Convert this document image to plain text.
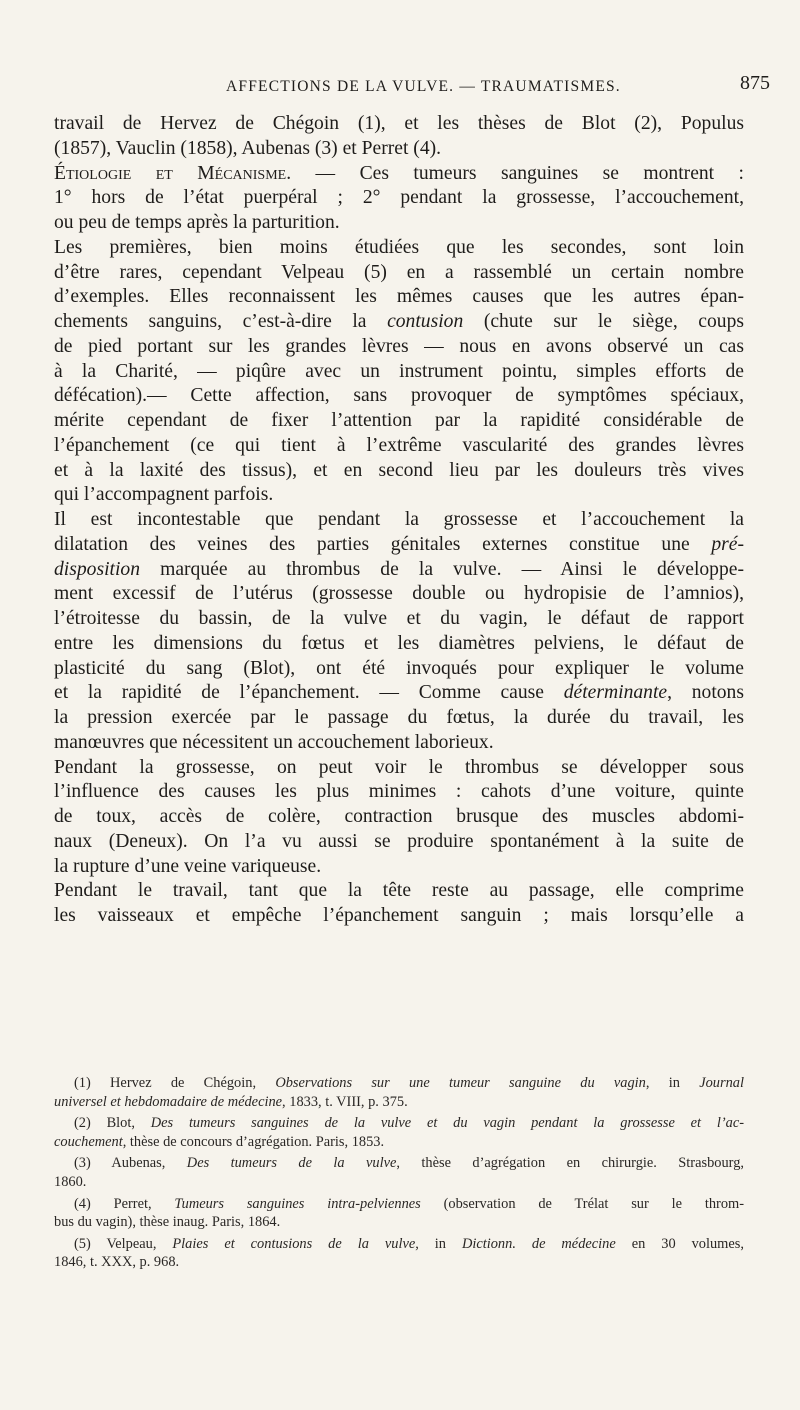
AFFECTIONS DE LA VULVE. — TRAUMATISMES.	875
travail de Hervez de Chégoin (1), et les thèses de Blot (2), Populus
(1857), Vauclin (1858), Aubenas (3) et Perret (4).
Étiologie et Mécanisme. — Ces tumeurs sanguines se montrent :
1° hors de l’état puerpéral ; 2° pendant la grossesse, l’accouchement,
ou peu de temps après la parturition.
Les premières, bien moins étudiées que les secondes, sont loin
d’être rares, cependant Velpeau (5) en a rassemblé un certain nombre
d’exemples. Elles reconnaissent les mêmes causes que les autres épan-
chements sanguins, c’est-à-dire la contusion (chute sur le siège, coups
de pied portant sur les grandes lèvres — nous en avons observé un cas
à la Charité, — piqûre avec un instrument pointu, simples efforts de
défécation).— Cette affection, sans provoquer de symptômes spéciaux,
mérite cependant de fixer l’attention par la rapidité considérable de
l’épanchement (ce qui tient à l’extrême vascularité des grandes lèvres
et à la laxité des tissus), et en second lieu par les douleurs très vives
qui l’accompagnent parfois.
Il est incontestable que pendant la grossesse et l’accouchement la
dilatation des veines des parties génitales externes constitue une pré-
disposition marquée au thrombus de la vulve. — Ainsi le développe-
ment excessif de l’utérus (grossesse double ou hydropisie de l’amnios),
l’étroitesse du bassin, de la vulve et du vagin, le défaut de rapport
entre les dimensions du fœtus et les diamètres pelviens, le défaut de
plasticité du sang (Blot), ont été invoqués pour expliquer le volume
et la rapidité de l’épanchement. — Comme cause déterminante, notons
la pression exercée par le passage du fœtus, la durée du travail, les
manœuvres que nécessitent un accouchement laborieux.
Pendant la grossesse, on peut voir le thrombus se développer sous
l’influence des causes les plus minimes : cahots d’une voiture, quinte
de toux, accès de colère, contraction brusque des muscles abdomi-
naux (Deneux). On l’a vu aussi se produire spontanément à la suite de
la rupture d’une veine variqueuse.
Pendant le travail, tant que la tête reste au passage, elle comprime
les vaisseaux et empêche l’épanchement sanguin ; mais lorsqu’elle a
(1) Hervez de Chégoin, Observations sur une tumeur sanguine du vagin, in Journal
universel et hebdomadaire de médecine, 1833, t. VIII, p. 375.
(2) Blot, Des tumeurs sanguines de la vulve et du vagin pendant la grossesse et l’ac-
couchement, thèse de concours d’agrégation. Paris, 1853.
(3) Aubenas, Des tumeurs de la vulve, thèse d’agrégation en chirurgie. Strasbourg,
1860.
(4) Perret, Tumeurs sanguines intra-pelviennes (observation de Trélat sur le throm-
bus du vagin), thèse inaug. Paris, 1864.
(5) Velpeau, Plaies et contusions de la vulve, in Dictionn. de médecine en 30 volumes,
1846, t. XXX, p. 968.
